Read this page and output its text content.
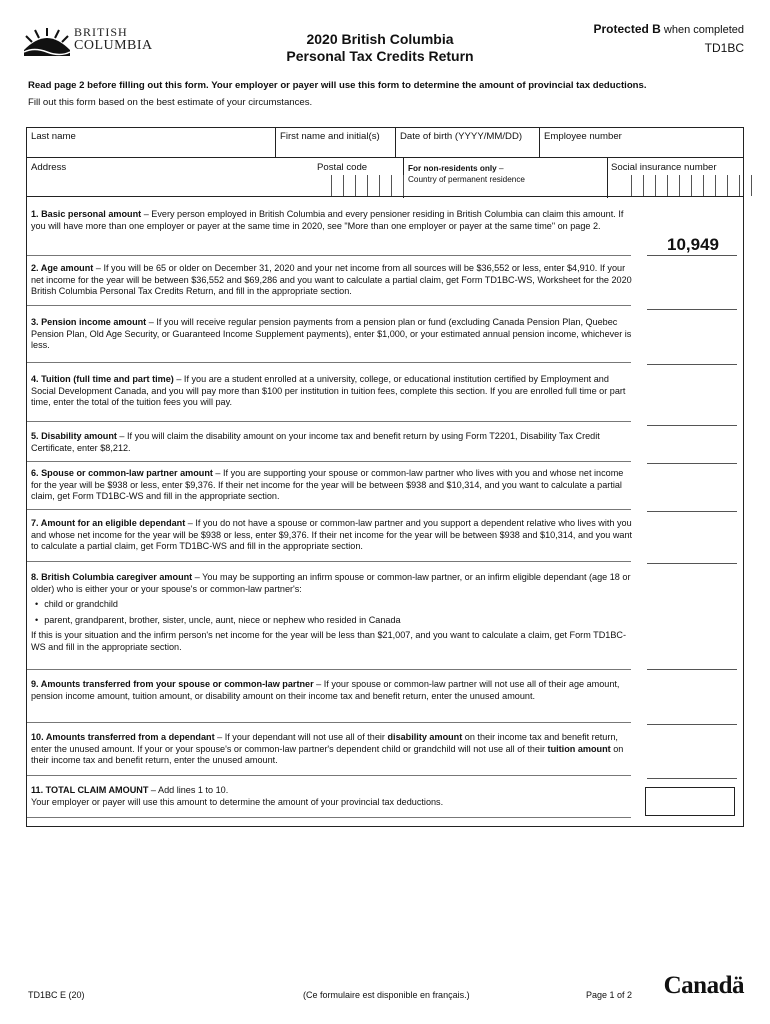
BRITISH
COLUMBIA	2020 British Columbia
Personal Tax Credits Return
Protected B when completed
TD1BC
Read page 2 before filling out this form. Your employer or payer will use this form to determine the amount of provincial tax deductions.
Fill out this form based on the best estimate of your circumstances.
Last name	First name and initial(s) Date of birth (YYYY/MM/DD) Employee number
Address	Postal code	For non-residents only –
Country of permanent residence
Social insurance number
1. Basic personal amount – Every person employed in British Columbia and every pensioner residing in British Columbia can claim this amount. If you will have more than one employer or payer at the same time in 2020, see "More than one employer or payer at the same time" on page 2.
10,949
2. Age amount – If you will be 65 or older on December 31, 2020 and your net income from all sources will be $36,552 or less, enter $4,910. If your net income for the year will be between $36,552 and $69,286 and you want to calculate a partial claim, get Form TD1BC-WS, Worksheet for the 2020 British Columbia Personal Tax Credits Return, and fill in the appropriate section.
3. Pension income amount – If you will receive regular pension payments from a pension plan or fund (excluding Canada Pension Plan, Quebec Pension Plan, Old Age Security, or Guaranteed Income Supplement payments), enter $1,000, or your estimated annual pension income, whichever is less.
4. Tuition (full time and part time) – If you are a student enrolled at a university, college, or educational institution certified by Employment and Social Development Canada, and you will pay more than $100 per institution in tuition fees, complete this section. If you are enrolled full time or part time, enter the total of the tuition fees you will pay.
5. Disability amount – If you will claim the disability amount on your income tax and benefit return by using Form T2201, Disability Tax Credit Certificate, enter $8,212.
6. Spouse or common-law partner amount – If you are supporting your spouse or common-law partner who lives with you and whose net income for the year will be $938 or less, enter $9,376. If their net income for the year will be between $938 and $10,314, and you want to calculate a partial claim, get Form TD1BC-WS and fill in the appropriate section.
7. Amount for an eligible dependant – If you do not have a spouse or common-law partner and you support a dependent relative who lives with you and whose net income for the year will be $938 or less, enter $9,376. If their net income for the year will be between $938 and $10,314, and you want to calculate a partial claim, get Form TD1BC-WS and fill in the appropriate section.
8. British Columbia caregiver amount – You may be supporting an infirm spouse or common-law partner, or an infirm eligible dependant (age 18 or older) who is either your or your spouse's or common-law partner's:
• child or grandchild
• parent, grandparent, brother, sister, uncle, aunt, niece or nephew who resided in Canada
If this is your situation and the infirm person's net income for the year will be less than $21,007, and you want to calculate a claim, get Form TD1BC-WS and fill in the appropriate section.
9. Amounts transferred from your spouse or common-law partner – If your spouse or common-law partner will not use all of their age amount, pension income amount, tuition amount, or disability amount on their income tax and benefit return, enter the unused amount.
10. Amounts transferred from a dependant – If your dependant will not use all of their disability amount on their income tax and benefit return, enter the unused amount. If your or your spouse's or common-law partner's dependent child or grandchild will not use all of their tuition amount on their income tax and benefit return, enter the unused amount.
11. TOTAL CLAIM AMOUNT – Add lines 1 to 10.
Your employer or payer will use this amount to determine the amount of your provincial tax deductions.
TD1BC E (20)	(Ce formulaire est disponible en français.)	Page 1 of 2 Canadä
